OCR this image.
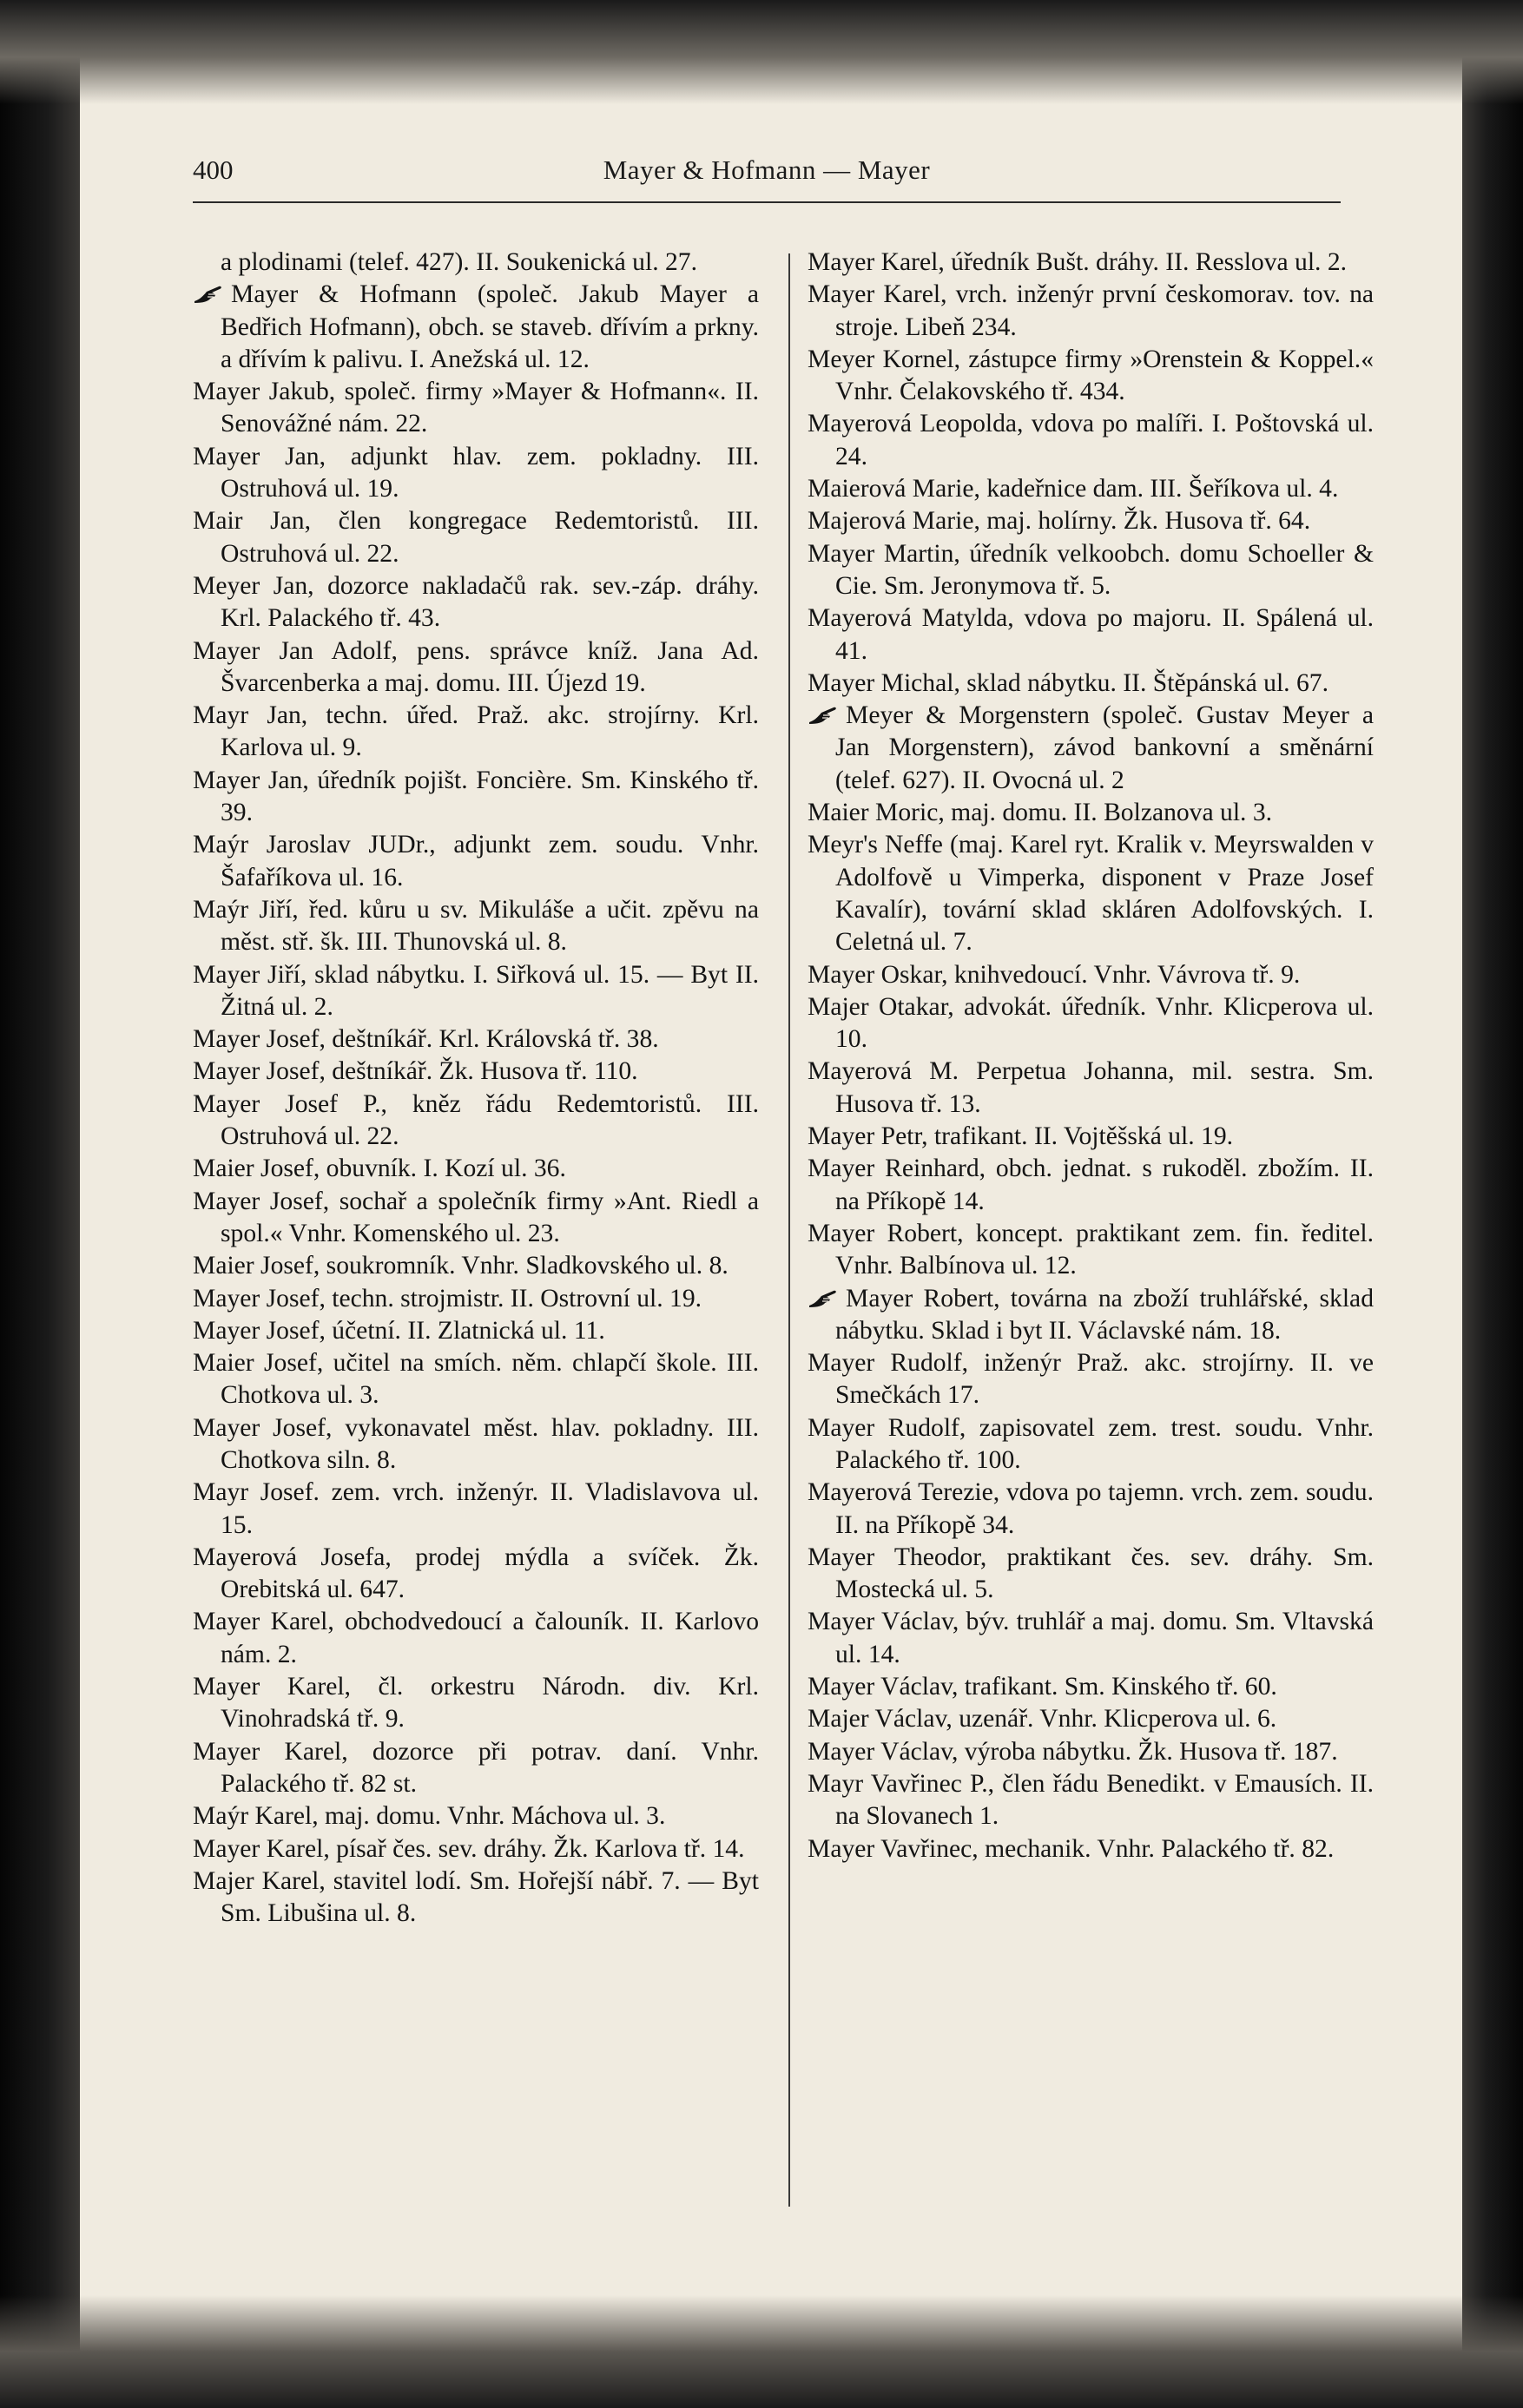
400	Mayer & Hofmann — Mayer
a plodinami (telef. 427). II. Soukenická ul. 27.
Mayer & Hofmann (společ. Jakub Mayer a Bedřich Hofmann), obch. se staveb. dřívím a prkny. a dřívím k palivu. I. Anežská ul. 12.
Mayer Jakub, společ. firmy »Mayer & Hofmann«. II. Senovážné nám. 22.
Mayer Jan, adjunkt hlav. zem. pokladny. III. Ostruhová ul. 19.
Mair Jan, člen kongregace Redemtoristů. III. Ostruhová ul. 22.
Meyer Jan, dozorce nakladačů rak. sev.-záp. dráhy. Krl. Palackého tř. 43.
Mayer Jan Adolf, pens. správce kníž. Jana Ad. Švarcenberka a maj. domu. III. Újezd 19.
Mayr Jan, techn. úřed. Praž. akc. strojírny. Krl. Karlova ul. 9.
Mayer Jan, úředník pojišt. Foncière. Sm. Kinského tř. 39.
Maýr Jaroslav JUDr., adjunkt zem. soudu. Vnhr. Šafaříkova ul. 16.
Maýr Jiří, řed. kůru u sv. Mikuláše a učit. zpěvu na měst. stř. šk. III. Thunovská ul. 8.
Mayer Jiří, sklad nábytku. I. Siřková ul. 15. — Byt II. Žitná ul. 2.
Mayer Josef, deštníkář. Krl. Královská tř. 38.
Mayer Josef, deštníkář. Žk. Husova tř. 110.
Mayer Josef P., kněz řádu Redemtoristů. III. Ostruhová ul. 22.
Maier Josef, obuvník. I. Kozí ul. 36.
Mayer Josef, sochař a společník firmy »Ant. Riedl a spol.« Vnhr. Komenského ul. 23.
Maier Josef, soukromník. Vnhr. Sladkovského ul. 8.
Mayer Josef, techn. strojmistr. II. Ostrovní ul. 19.
Mayer Josef, účetní. II. Zlatnická ul. 11.
Maier Josef, učitel na smích. něm. chlapčí škole. III. Chotkova ul. 3.
Mayer Josef, vykonavatel měst. hlav. pokladny. III. Chotkova siln. 8.
Mayr Josef. zem. vrch. inženýr. II. Vladislavova ul. 15.
Mayerová Josefa, prodej mýdla a svíček. Žk. Orebitská ul. 647.
Mayer Karel, obchodvedoucí a čalouník. II. Karlovo nám. 2.
Mayer Karel, čl. orkestru Národn. div. Krl. Vinohradská tř. 9.
Mayer Karel, dozorce při potrav. daní. Vnhr. Palackého tř. 82 st.
Maýr Karel, maj. domu. Vnhr. Máchova ul. 3.
Mayer Karel, písař čes. sev. dráhy. Žk. Karlova tř. 14.
Majer Karel, stavitel lodí. Sm. Hořejší nábř. 7. — Byt Sm. Libušina ul. 8.
Mayer Karel, úředník Bušt. dráhy. II. Resslova ul. 2.
Mayer Karel, vrch. inženýr první českomorav. tov. na stroje. Libeň 234.
Meyer Kornel, zástupce firmy »Orenstein & Koppel.« Vnhr. Čelakovského tř. 434.
Mayerová Leopolda, vdova po malíři. I. Poštovská ul. 24.
Maierová Marie, kadeřnice dam. III. Šeříkova ul. 4.
Majerová Marie, maj. holírny. Žk. Husova tř. 64.
Mayer Martin, úředník velkoobch. domu Schoeller & Cie. Sm. Jeronymova tř. 5.
Mayerová Matylda, vdova po majoru. II. Spálená ul. 41.
Mayer Michal, sklad nábytku. II. Štěpánská ul. 67.
Meyer & Morgenstern (společ. Gustav Meyer a Jan Morgenstern), závod bankovní a směnární (telef. 627). II. Ovocná ul. 2
Maier Moric, maj. domu. II. Bolzanova ul. 3.
Meyr's Neffe (maj. Karel ryt. Kralik v. Meyrswalden v Adolfově u Vimperka, disponent v Praze Josef Kavalír), tovární sklad skláren Adolfovských. I. Celetná ul. 7.
Mayer Oskar, knihvedoucí. Vnhr. Vávrova tř. 9.
Majer Otakar, advokát. úředník. Vnhr. Klicperova ul. 10.
Mayerová M. Perpetua Johanna, mil. sestra. Sm. Husova tř. 13.
Mayer Petr, trafikant. II. Vojtěšská ul. 19.
Mayer Reinhard, obch. jednat. s rukoděl. zbožím. II. na Příkopě 14.
Mayer Robert, koncept. praktikant zem. fin. ředitel. Vnhr. Balbínova ul. 12.
Mayer Robert, továrna na zboží truhlářské, sklad nábytku. Sklad i byt II. Václavské nám. 18.
Mayer Rudolf, inženýr Praž. akc. strojírny. II. ve Smečkách 17.
Mayer Rudolf, zapisovatel zem. trest. soudu. Vnhr. Palackého tř. 100.
Mayerová Terezie, vdova po tajemn. vrch. zem. soudu. II. na Příkopě 34.
Mayer Theodor, praktikant čes. sev. dráhy. Sm. Mostecká ul. 5.
Mayer Václav, býv. truhlář a maj. domu. Sm. Vltavská ul. 14.
Mayer Václav, trafikant. Sm. Kinského tř. 60.
Majer Václav, uzenář. Vnhr. Klicperova ul. 6.
Mayer Václav, výroba nábytku. Žk. Husova tř. 187.
Mayr Vavřinec P., člen řádu Benedikt. v Emausích. II. na Slovanech 1.
Mayer Vavřinec, mechanik. Vnhr. Palackého tř. 82.
